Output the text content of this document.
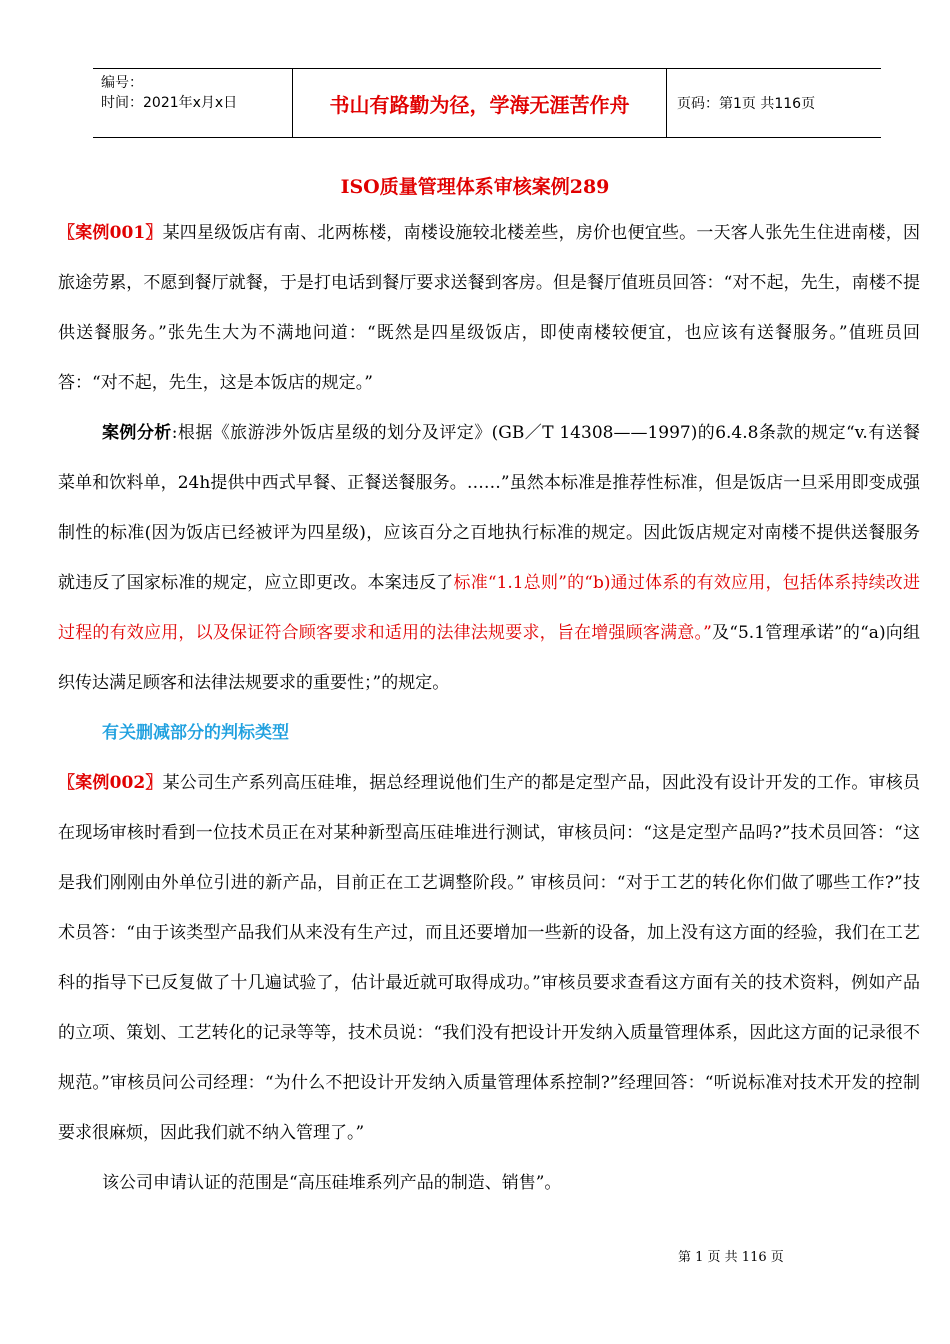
编号：
时间：2021年x月x日	书山有路勤为径，学海无涯苦作舟	页码：第1页 共116页
ISO质量管理体系审核案例289

〖案例001〗某四星级饭店有南、北两栋楼，南楼设施较北楼差些，房价也便宜些。一天客人张先生住进南楼，因旅途劳累，不愿到餐厅就餐，于是打电话到餐厅要求送餐到客房。但是餐厅值班员回答：“对不起，先生，南楼不提供送餐服务。”张先生大为不满地问道：“既然是四星级饭店，即使南楼较便宜，也应该有送餐服务。”值班员回答：“对不起，先生，这是本饭店的规定。”

案例分析:根据《旅游涉外饭店星级的划分及评定》(GB／T 14308——1997)的6.4.8条款的规定“v.有送餐菜单和饮料单，24h提供中西式早餐、正餐送餐服务。……”虽然本标准是推荐性标准，但是饭店一旦采用即变成强制性的标准(因为饭店已经被评为四星级)，应该百分之百地执行标准的规定。因此饭店规定对南楼不提供送餐服务就违反了国家标准的规定，应立即更改。本案违反了标准“1.1总则”的“b)通过体系的有效应用，包括体系持续改进过程的有效应用，以及保证符合顾客要求和适用的法律法规要求，旨在增强顾客满意。”及“5.1管理承诺”的“a)向组织传达满足顾客和法律法规要求的重要性；”的规定。

有关删减部分的判标类型

〖案例002〗某公司生产系列高压硅堆，据总经理说他们生产的都是定型产品，因此没有设计开发的工作。审核员在现场审核时看到一位技术员正在对某种新型高压硅堆进行测试，审核员问：“这是定型产品吗?”技术员回答：“这是我们刚刚由外单位引进的新产品，目前正在工艺调整阶段。” 审核员问：“对于工艺的转化你们做了哪些工作?”技术员答：“由于该类型产品我们从来没有生产过，而且还要增加一些新的设备，加上没有这方面的经验，我们在工艺科的指导下已反复做了十几遍试验了，估计最近就可取得成功。”审核员要求查看这方面有关的技术资料，例如产品的立项、策划、工艺转化的记录等等，技术员说：“我们没有把设计开发纳入质量管理体系，因此这方面的记录很不规范。”审核员问公司经理：“为什么不把设计开发纳入质量管理体系控制?”经理回答：“听说标准对技术开发的控制要求很麻烦，因此我们就不纳入管理了。”

该公司申请认证的范围是“高压硅堆系列产品的制造、销售”。

第 1 页 共 116 页
